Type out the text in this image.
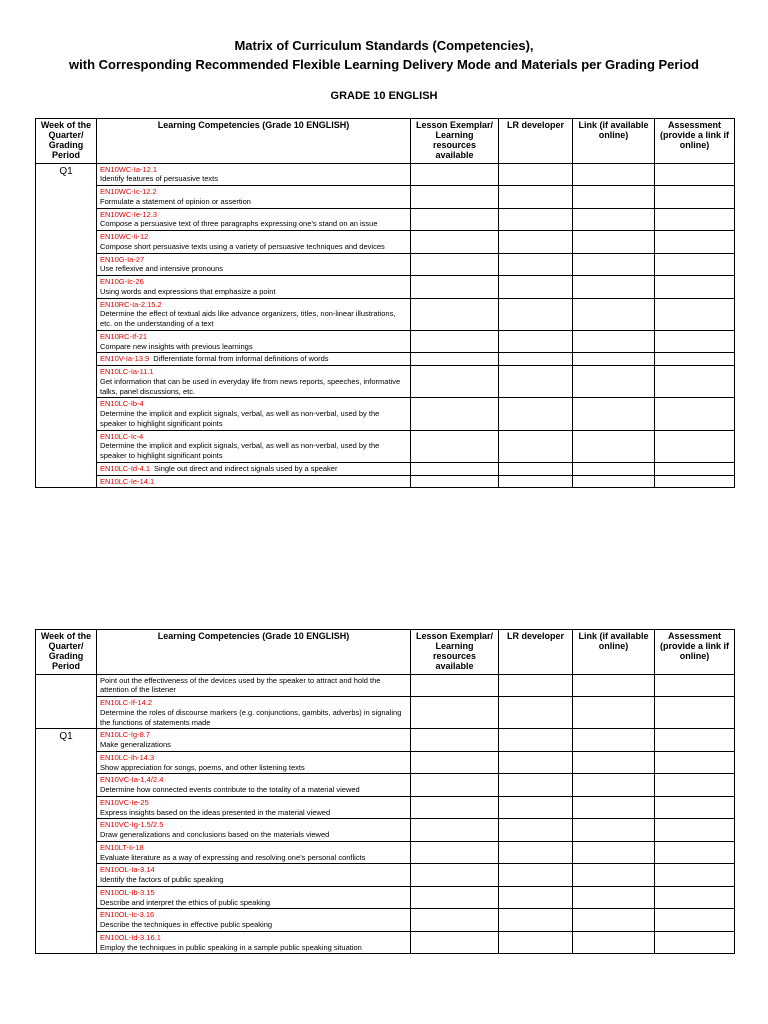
Matrix of Curriculum Standards (Competencies),
with Corresponding Recommended Flexible Learning Delivery Mode and Materials per Grading Period
GRADE 10 ENGLISH
Week of the Quarter/ Grading Period	Learning Competencies (Grade 10 ENGLISH)	Lesson Exemplar/ Learning resources available	LR developer	Link (if available online)	Assessment (provide a link if online)
Q1	EN10WC-Ia-12.1
Identify features of persuasive texts				

	EN10WC-Ic-12.2
Formulate a statement of opinion or assertion				

	EN10WC-Ie-12.3
Compose a persuasive text of three paragraphs expressing one’s stand on an issue				

	EN10WC-Ii-12
Compose short persuasive texts using a variety of persuasive techniques and devices				

	EN10G-Ia-27
Use reflexive and intensive pronouns				

	EN10G-Ic-26
Using words and expressions that emphasize a point				

	EN10RC-Ia-2.15.2
Determine the effect of textual aids like advance organizers, titles, non-linear illustrations, etc. on the understanding of a text				

	EN10RC-If-21
Compare new insights with previous learnings				
	EN10V-Ia-13.9 Differentiate formal from informal definitions of words				

	EN10LC-Ia-11.1
Get information that can be used in everyday life from news reports, speeches, informative talks, panel discussions, etc.				

	EN10LC-Ib-4
Determine the implicit and explicit signals, verbal, as well as non-verbal, used by the speaker to highlight significant points				

	EN10LC-Ic-4
Determine the implicit and explicit signals, verbal, as well as non-verbal, used by the speaker to highlight significant points				
	EN10LC-Id-4.1 Single out direct and indirect signals used by a speaker				

	EN10LC-Ie-14.1				

Week of the Quarter/ Grading Period	Learning Competencies (Grade 10 ENGLISH)	Lesson Exemplar/ Learning resources available	LR developer	Link (if available online)	Assessment (provide a link if online)
	Point out the effectiveness of the devices used by the speaker to attract and hold the attention of the listener				

	EN10LC-If-14.2
Determine the roles of discourse markers (e.g. conjunctions, gambits, adverbs) in signaling the functions of statements made				
Q1	EN10LC-Ig-8.7
Make generalizations				

	EN10LC-Ih-14.3
Show appreciation for songs, poems, and other listening texts				

	EN10VC-Ia-1.4/2.4
Determine how connected events contribute to the totality of a material viewed				

	EN10VC-Ie-25
Express insights based on the ideas presented in the material viewed				

	EN10VC-Ig-1.5/2.5
Draw generalizations and conclusions based on the materials viewed				

	EN10LT-Ii-18
Evaluate literature as a way of expressing and resolving one’s personal conflicts				

	EN10OL-Ia-3.14
Identify the factors of public speaking				

	EN10OL-Ib-3.15
Describe and interpret the ethics of public speaking				

	EN10OL-Ic-3.16
Describe the techniques in effective public speaking				

	EN10OL-Id-3.16.1
Employ the techniques in public speaking in a sample public speaking situation				
